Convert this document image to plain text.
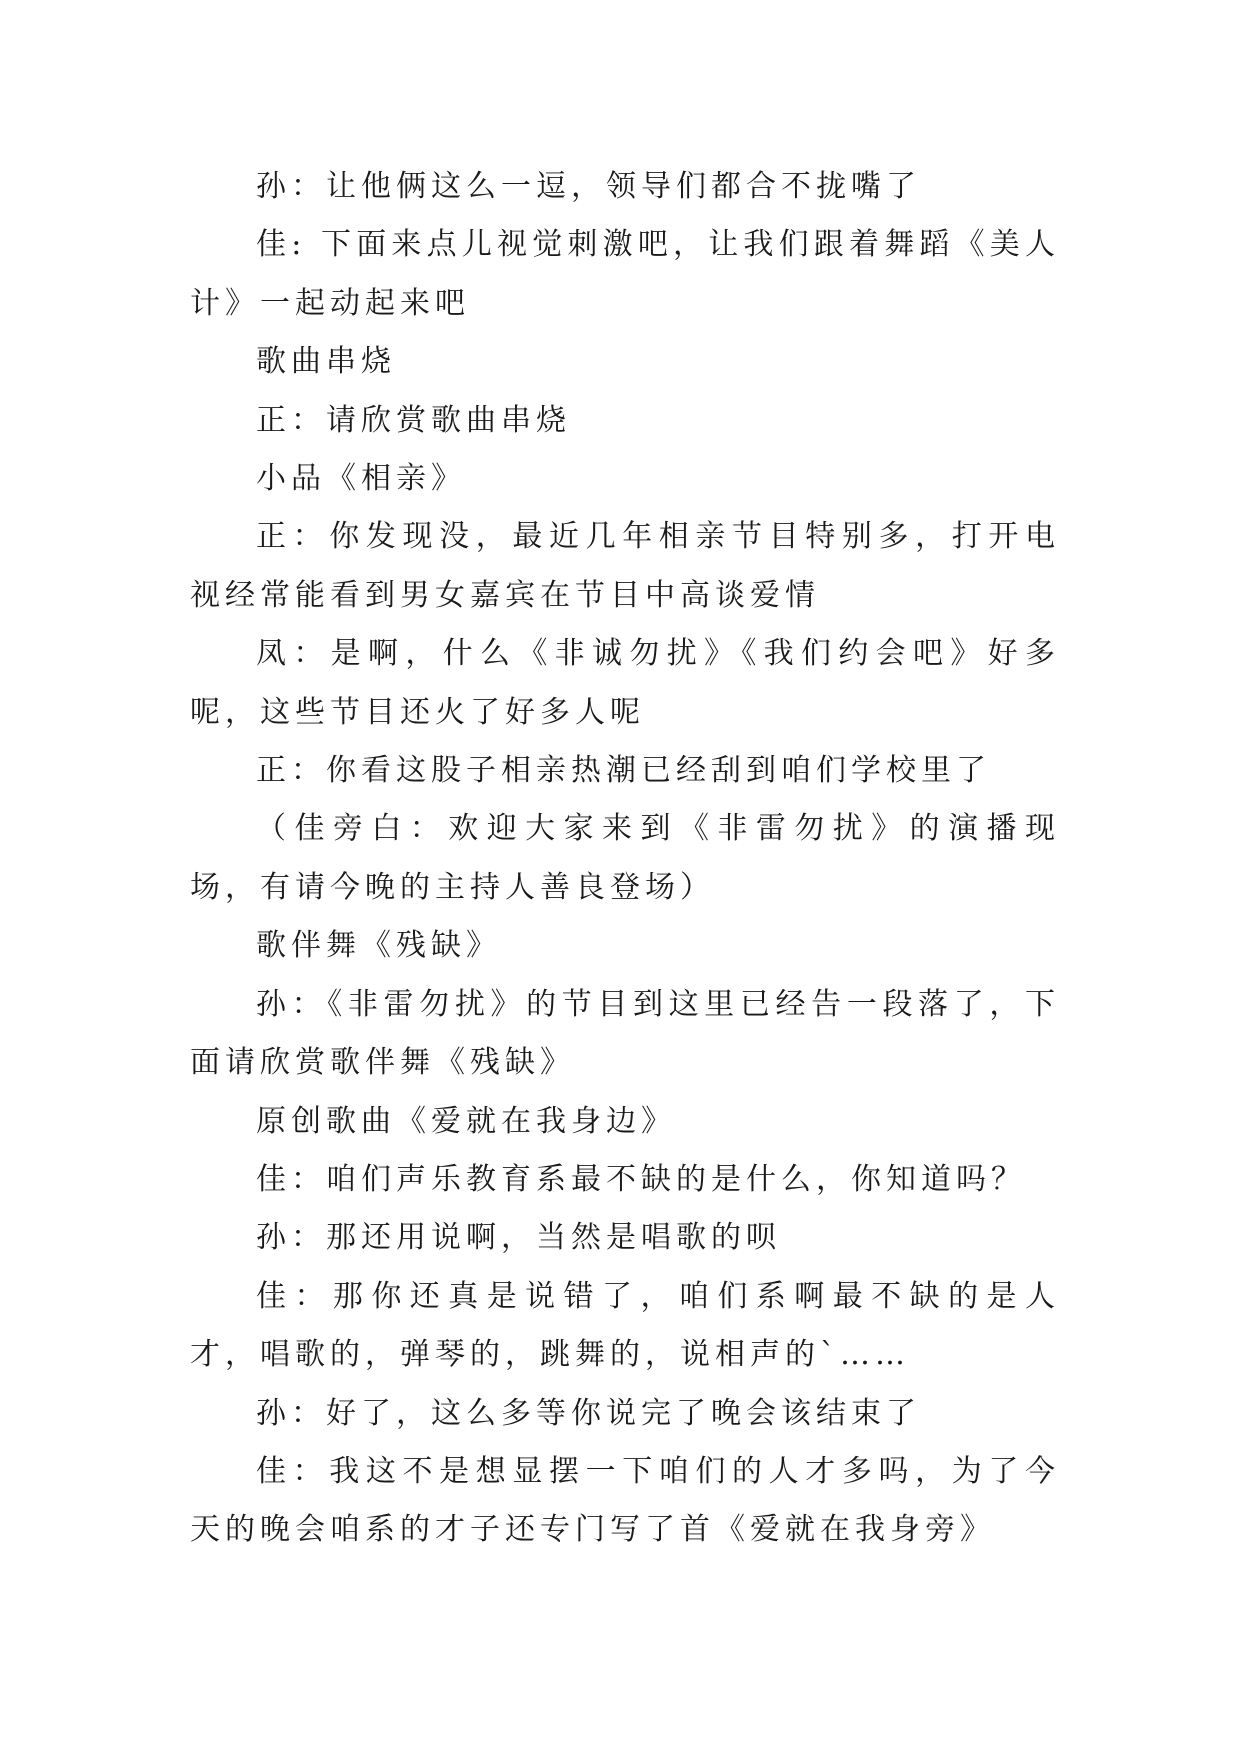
孙：让他俩这么一逗，领导们都合不拢嘴了

佳: 下面来点儿视觉刺激吧，让我们跟着舞蹈《美人计》一起动起来吧

歌曲串烧

正：请欣赏歌曲串烧

小品《相亲》

正：你发现没，最近几年相亲节目特别多，打开电视经常能看到男女嘉宾在节目中高谈爱情

凤：是啊，什么《非诚勿扰》《我们约会吧》好多呢，这些节目还火了好多人呢

正：你看这股子相亲热潮已经刮到咱们学校里了

（佳旁白：欢迎大家来到《非雷勿扰》的演播现场，有请今晚的主持人善良登场）

歌伴舞《残缺》

孙：《非雷勿扰》的节目到这里已经告一段落了，下面请欣赏歌伴舞《残缺》

原创歌曲《爱就在我身边》

佳：咱们声乐教育系最不缺的是什么，你知道吗？

孙：那还用说啊，当然是唱歌的呗

佳：那你还真是说错了，咱们系啊最不缺的是人才，唱歌的，弹琴的，跳舞的，说相声的`……

孙：好了，这么多等你说完了晚会该结束了

佳：我这不是想显摆一下咱们的人才多吗，为了今天的晚会咱系的才子还专门写了首《爱就在我身旁》
